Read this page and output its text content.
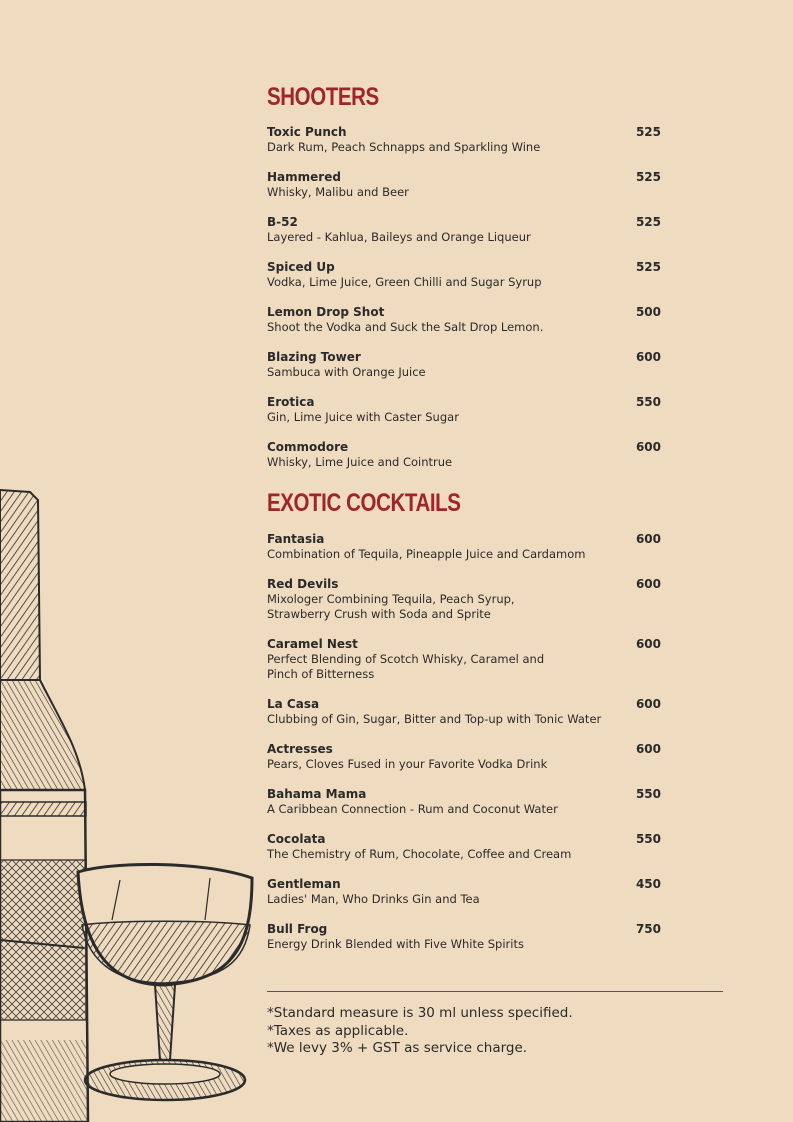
SHOOTERS
Toxic Punch	525
Dark Rum, Peach Schnapps and Sparkling Wine
Hammered	525
Whisky, Malibu and Beer
B-52	525
Layered - Kahlua, Baileys and Orange Liqueur
Spiced Up	525
Vodka, Lime Juice, Green Chilli and Sugar Syrup
Lemon Drop Shot	500
Shoot the Vodka and Suck the Salt Drop Lemon.
Blazing Tower	600
Sambuca with Orange Juice
Erotica	550
Gin, Lime Juice with Caster Sugar
Commodore	600
Whisky, Lime Juice and Cointrue
EXOTIC COCKTAILS
Fantasia	600
Combination of Tequila, Pineapple Juice and Cardamom
Red Devils	600
Mixologer Combining Tequila, Peach Syrup,
Strawberry Crush with Soda and Sprite
Caramel Nest	600
Perfect Blending of Scotch Whisky, Caramel and
Pinch of Bitterness
La Casa	600
Clubbing of Gin, Sugar, Bitter and Top-up with Tonic Water
Actresses	600
Pears, Cloves Fused in your Favorite Vodka Drink
Bahama Mama	550
A Caribbean Connection - Rum and Coconut Water
Cocolata	550
The Chemistry of Rum, Chocolate, Coffee and Cream
Gentleman	450
Ladies' Man, Who Drinks Gin and Tea
Bull Frog	750
Energy Drink Blended with Five White Spirits
*Standard measure is 30 ml unless specified.
*Taxes as applicable.
*We levy 3% + GST as service charge.
